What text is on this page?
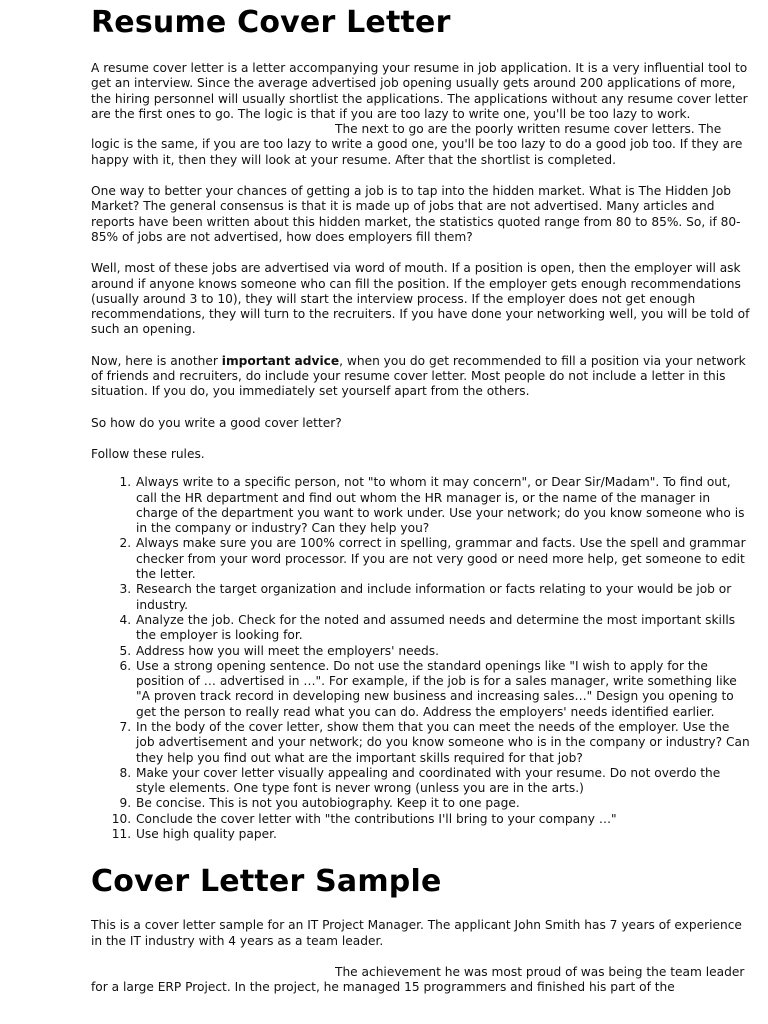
Resume Cover Letter

A resume cover letter is a letter accompanying your resume in job application. It is a very influential tool to get an interview. Since the average advertised job opening usually gets around 200 applications of more, the hiring personnel will usually shortlist the applications. The applications without any resume cover letter are the first ones to go. The logic is that if you are too lazy to write one, you'll be too lazy to work.

The next to go are the poorly written resume cover letters. The logic is the same, if you are too lazy to write a good one, you'll be too lazy to do a good job too. If they are happy with it, then they will look at your resume. After that the shortlist is completed.

One way to better your chances of getting a job is to tap into the hidden market. What is The Hidden Job Market? The general consensus is that it is made up of jobs that are not advertised. Many articles and reports have been written about this hidden market, the statistics quoted range from 80 to 85%. So, if 80-85% of jobs are not advertised, how does employers fill them?

Well, most of these jobs are advertised via word of mouth. If a position is open, then the employer will ask around if anyone knows someone who can fill the position. If the employer gets enough recommendations (usually around 3 to 10), they will start the interview process. If the employer does not get enough recommendations, they will turn to the recruiters. If you have done your networking well, you will be told of such an opening.

Now, here is another important advice, when you do get recommended to fill a position via your network of friends and recruiters, do include your resume cover letter. Most people do not include a letter in this situation. If you do, you immediately set yourself apart from the others.

So how do you write a good cover letter?

Follow these rules.

1. Always write to a specific person, not "to whom it may concern", or Dear Sir/Madam". To find out, call the HR department and find out whom the HR manager is, or the name of the manager in charge of the department you want to work under. Use your network; do you know someone who is in the company or industry? Can they help you?
2. Always make sure you are 100% correct in spelling, grammar and facts. Use the spell and grammar checker from your word processor. If you are not very good or need more help, get someone to edit the letter.
3. Research the target organization and include information or facts relating to your would be job or industry.
4. Analyze the job. Check for the noted and assumed needs and determine the most important skills the employer is looking for.
5. Address how you will meet the employers' needs.
6. Use a strong opening sentence. Do not use the standard openings like "I wish to apply for the position of … advertised in …". For example, if the job is for a sales manager, write something like "A proven track record in developing new business and increasing sales…" Design you opening to get the person to really read what you can do. Address the employers' needs identified earlier.
7. In the body of the cover letter, show them that you can meet the needs of the employer. Use the job advertisement and your network; do you know someone who is in the company or industry? Can they help you find out what are the important skills required for that job?
8. Make your cover letter visually appealing and coordinated with your resume. Do not overdo the style elements. One type font is never wrong (unless you are in the arts.)
9. Be concise. This is not you autobiography. Keep it to one page.
10. Conclude the cover letter with "the contributions I'll bring to your company …"
11. Use high quality paper.
Cover Letter Sample

This is a cover letter sample for an IT Project Manager. The applicant John Smith has 7 years of experience in the IT industry with 4 years as a team leader.

The achievement he was most proud of was being the team leader for a large ERP Project. In the project, he managed 15 programmers and finished his part of the
